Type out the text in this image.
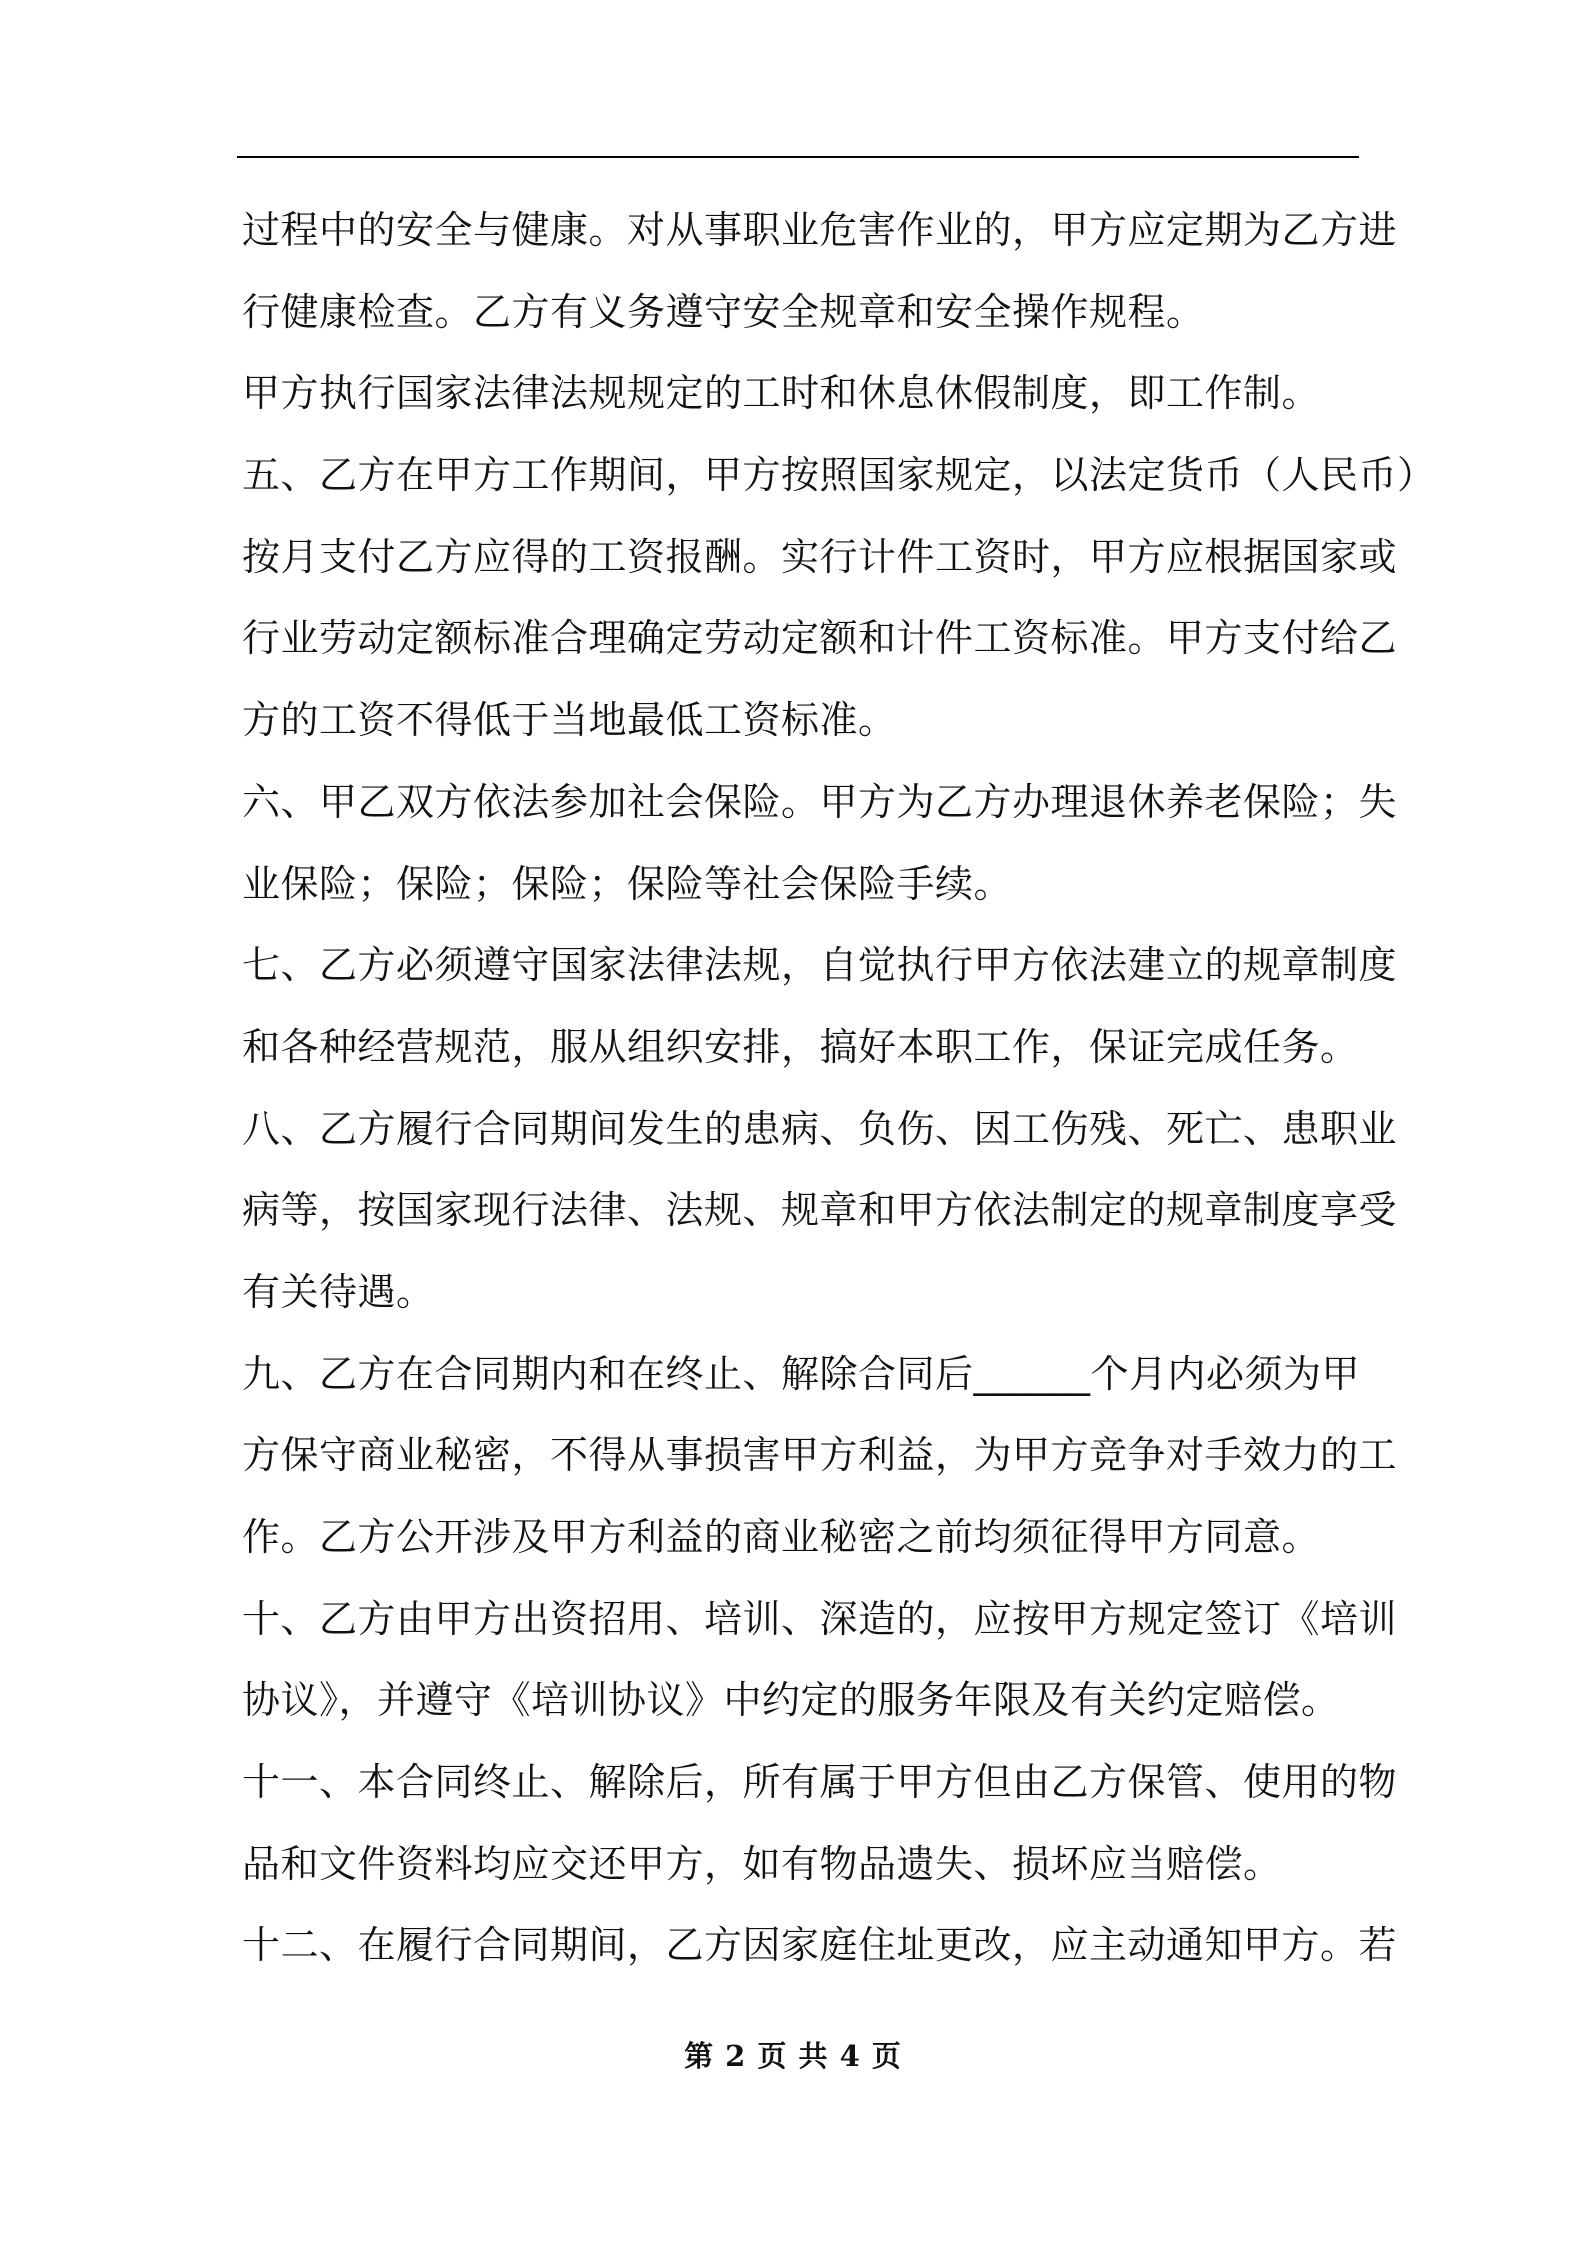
过程中的安全与健康。对从事职业危害作业的，甲方应定期为乙方进
行健康检查。乙方有义务遵守安全规章和安全操作规程。
甲方执行国家法律法规规定的工时和休息休假制度，即工作制。
五、乙方在甲方工作期间，甲方按照国家规定，以法定货币（人民币）
按月支付乙方应得的工资报酬。实行计件工资时，甲方应根据国家或
行业劳动定额标准合理确定劳动定额和计件工资标准。甲方支付给乙
方的工资不得低于当地最低工资标准。
六、甲乙双方依法参加社会保险。甲方为乙方办理退休养老保险；失
业保险；保险；保险；保险等社会保险手续。
七、乙方必须遵守国家法律法规，自觉执行甲方依法建立的规章制度
和各种经营规范，服从组织安排，搞好本职工作，保证完成任务。
八、乙方履行合同期间发生的患病、负伤、因工伤残、死亡、患职业
病等，按国家现行法律、法规、规章和甲方依法制定的规章制度享受
有关待遇。
九、乙方在合同期内和在终止、解除合同后______个月内必须为甲
方保守商业秘密，不得从事损害甲方利益，为甲方竞争对手效力的工
作。乙方公开涉及甲方利益的商业秘密之前均须征得甲方同意。
十、乙方由甲方出资招用、培训、深造的，应按甲方规定签订《培训
协议》，并遵守《培训协议》中约定的服务年限及有关约定赔偿。
十一、本合同终止、解除后，所有属于甲方但由乙方保管、使用的物
品和文件资料均应交还甲方，如有物品遗失、损坏应当赔偿。
十二、在履行合同期间，乙方因家庭住址更改，应主动通知甲方。若
第 2 页 共 4 页
